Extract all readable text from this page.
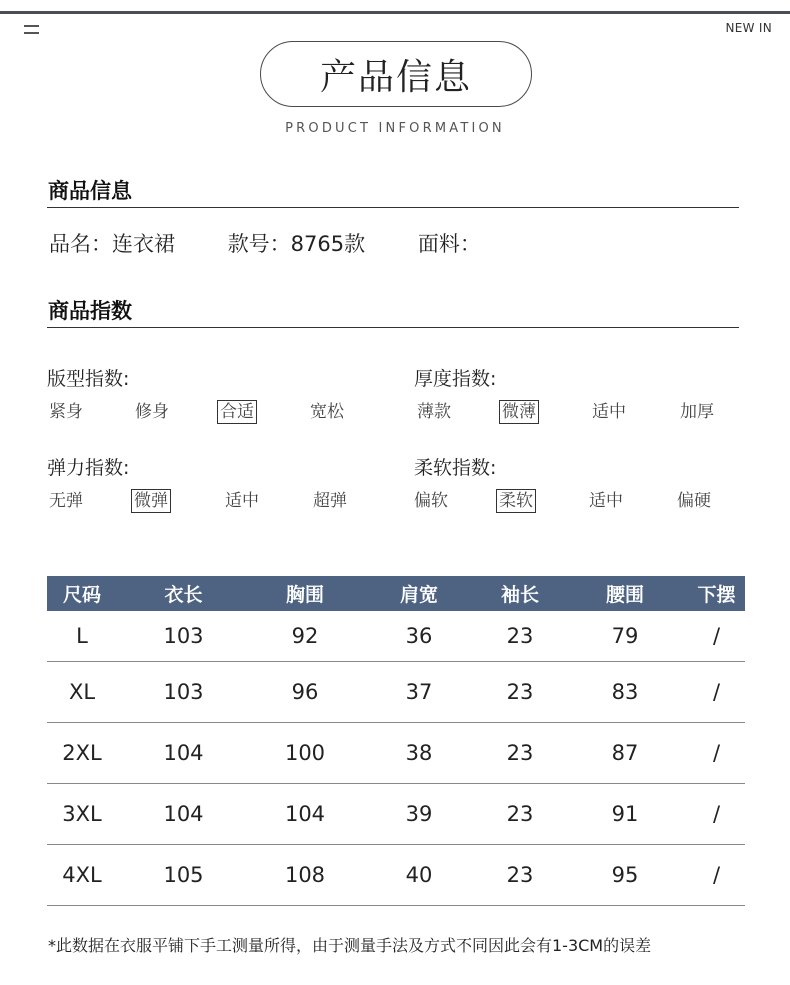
NEW IN
产品信息
PRODUCT INFORMATION
商品信息
品名：连衣裙	款号：8765款	面料：
商品指数
版型指数:
紧身	修身	合适	宽松
厚度指数:
薄款	微薄	适中	加厚
弹力指数:
无弹	微弹	适中	超弹
柔软指数:
偏软	柔软	适中	偏硬
尺码	衣长	胸围	肩宽	袖长	腰围	下摆
L	103	92	36	23	79	/
XL	103	96	37	23	83	/
2XL	104	100	38	23	87	/
3XL	104	104	39	23	91	/
4XL	105	108	40	23	95	/
*此数据在衣服平铺下手工测量所得，由于测量手法及方式不同因此会有1-3CM的误差
